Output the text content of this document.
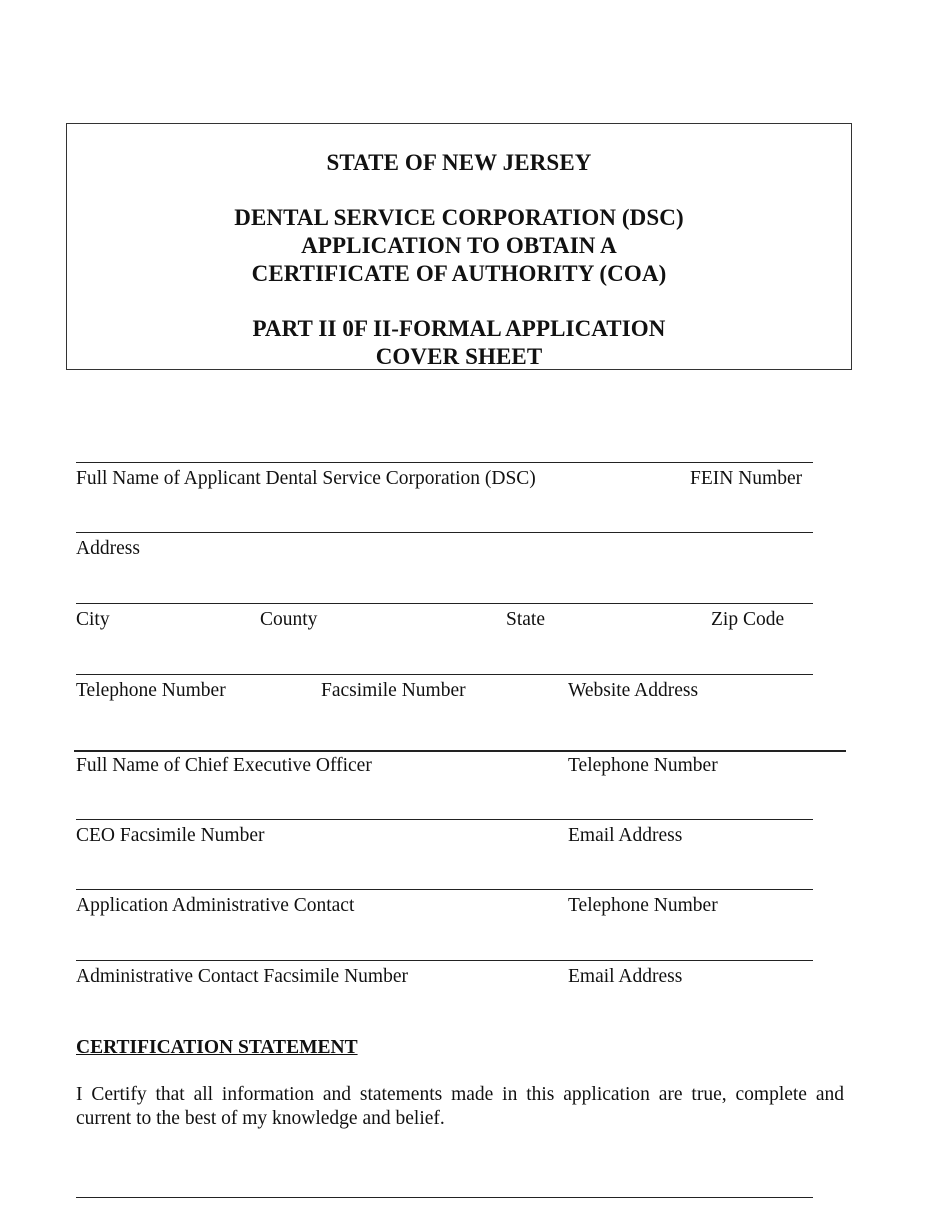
STATE OF NEW JERSEY
DENTAL SERVICE CORPORATION (DSC)
APPLICATION TO OBTAIN A
CERTIFICATE OF AUTHORITY (COA)
PART II 0F II-FORMAL APPLICATION
COVER SHEET
Full Name of Applicant Dental Service Corporation (DSC)	FEIN Number
Address
City	County	State	Zip Code
Telephone Number	Facsimile Number	Website Address
Full Name of Chief Executive Officer	Telephone Number
CEO Facsimile Number	Email Address
Application Administrative Contact	Telephone Number
Administrative Contact Facsimile Number	Email Address
CERTIFICATION STATEMENT
I Certify that all information and statements made in this application are true, complete and current to the best of my knowledge and belief.
